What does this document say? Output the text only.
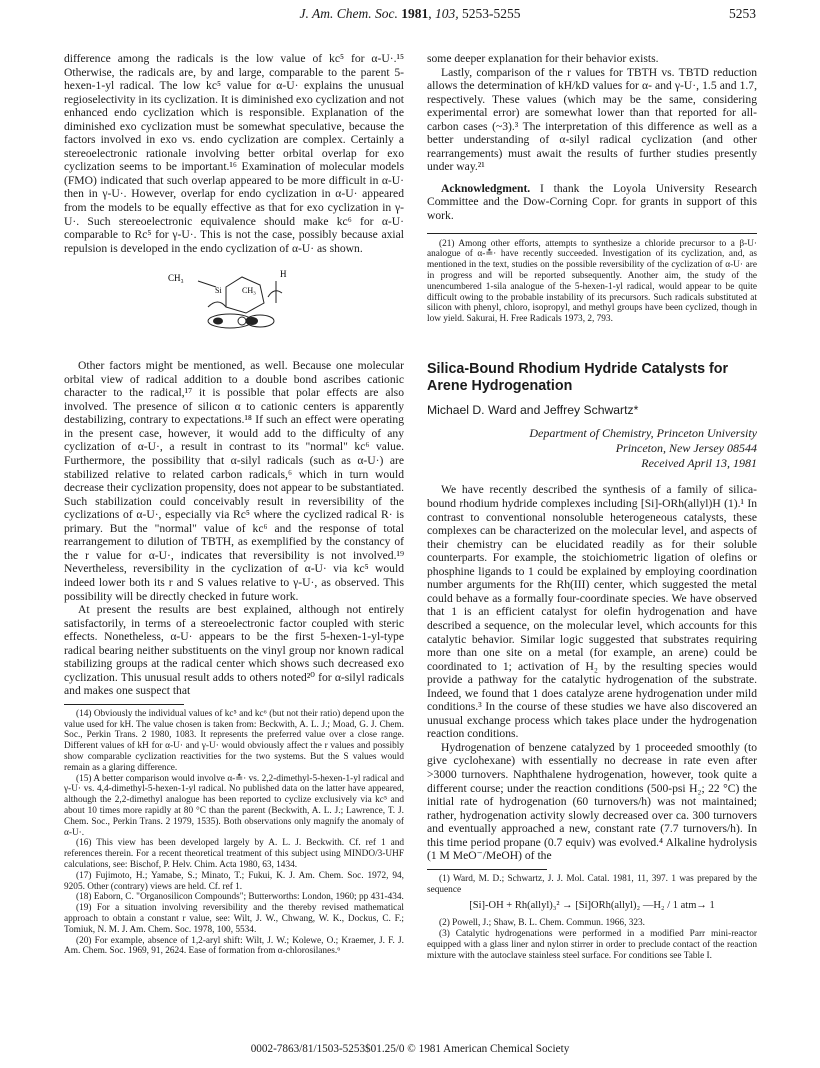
J. Am. Chem. Soc. 1981, 103, 5253-5255	5253

difference among the radicals is the low value of kc⁵ for α-U·.¹⁵ Otherwise, the radicals are, by and large, comparable to the parent 5-hexen-1-yl radical. The low kc⁵ value for α-U· explains the unusual regioselectivity in its cyclization. It is diminished exo cyclization and not enhanced endo cyclization which is responsible. Explanation of the diminished exo cyclization must be somewhat speculative, because the factors involved in exo vs. endo cyclization are complex. Certainly a stereoelectronic rationale involving better orbital overlap for exo cyclization seems to be important.¹⁶ Examination of molecular models (FMO) indicated that such overlap appeared to be more difficult in α-U· then in γ-U·. However, overlap for endo cyclization in α-U· appeared from the models to be equally effective as that for exo cyclization in γ-U·. Such stereoelectronic equivalence should make kc⁶ for α-U· comparable to Rc⁵ for γ-U·. This is not the case, possibly because axial repulsion is developed in the endo cyclization of α-U· as shown.

CH₃
Si	CH₃
H

Other factors might be mentioned, as well. Because one molecular orbital view of radical addition to a double bond ascribes cationic character to the radical,¹⁷ it is possible that polar effects are also involved. The presence of silicon α to cationic centers is apparently destabilizing, contrary to expectations.¹⁸ If such an effect were operating in the present case, however, it would add to the difficulty of any cyclization of α-U·, a result in contrast to its "normal" kc⁶ value. Furthermore, the possibility that α-silyl radicals (such as α-U·) are stabilized relative to related carbon radicals,⁶ which in turn would decrease their cyclization propensity, does not appear to be substantiated. Such stabilization could conceivably result in reversibility of the cyclizations of α-U·, especially via Rc⁵ where the cyclized radical R· is primary. But the "normal" value of kc⁶ and the response of total rearrangement to dilution of TBTH, as exemplified by the constancy of the r value for α-U·, indicates that reversibility is not involved.¹⁹ Nevertheless, reversibility in the cyclization of α-U· via kc⁵ would indeed lower both its r and S values relative to γ-U·, as observed. This possibility will be directly checked in future work.

At present the results are best explained, although not entirely satisfactorily, in terms of a stereoelectronic factor coupled with steric effects. Nonetheless, α-U· appears to be the first 5-hexen-1-yl-type radical bearing neither substituents on the vinyl group nor known radical stabilizing groups at the radical center which shows such decreased exo cyclization. This unusual result adds to others noted²⁰ for α-silyl radicals and makes one suspect that

(14) Obviously the individual values of kc⁵ and kc⁶ (but not their ratio) depend upon the value used for kH. The value chosen is taken from: Beckwith, A. L. J.; Moad, G. J. Chem. Soc., Perkin Trans. 2 1980, 1083. It represents the preferred value over a close range. Different values of kH for α-U· and γ-U· would obviously affect the r values and possibly show comparable cyclization reactivities for the two systems. But the S values would remain as a glaring difference.

(15) A better comparison would involve α-≛· vs. 2,2-dimethyl-5-hexen-1-yl radical and γ-U· vs. 4,4-dimethyl-5-hexen-1-yl radical. No published data on the latter have appeared, although the 2,2-dimethyl analogue has been reported to cyclize exclusively via kc⁵ and about 10 times more rapidly at 80 °C than the parent (Beckwith, A. L. J.; Lawrence, T. J. Chem. Soc., Perkin Trans. 2 1979, 1535). Both observations only magnify the anomaly of α-U·.

(16) This view has been developed largely by A. L. J. Beckwith. Cf. ref 1 and references therein. For a recent theoretical treatment of this subject using MINDO/3-UHF calculations, see: Bischof, P. Helv. Chim. Acta 1980, 63, 1434.

(17) Fujimoto, H.; Yamabe, S.; Minato, T.; Fukui, K. J. Am. Chem. Soc. 1972, 94, 9205. Other (contrary) views are held. Cf. ref 1.

(18) Eaborn, C. "Organosilicon Compounds"; Butterworths: London, 1960; pp 431-434.

(19) For a situation involving reversibility and the thereby revised mathematical approach to obtain a constant r value, see: Wilt, J. W., Chwang, W. K., Dockus, C. F.; Tomiuk, N. M. J. Am. Chem. Soc. 1978, 100, 5534.

(20) For example, absence of 1,2-aryl shift: Wilt, J. W.; Kolewe, O.; Kraemer, J. F. J. Am. Chem. Soc. 1969, 91, 2624. Ease of formation from α-chlorosilanes.⁶

some deeper explanation for their behavior exists.

Lastly, comparison of the r values for TBTH vs. TBTD reduction allows the determination of kH/kD values for α- and γ-U·, 1.5 and 1.7, respectively. These values (which may be the same, considering experimental error) are somewhat lower than that reported for all-carbon cases (~3).³ The interpretation of this difference as well as a better understanding of α-silyl radical cyclization (and other rearrangements) must await the results of further studies presently under way.²¹

Acknowledgment. I thank the Loyola University Research Committee and the Dow-Corning Copr. for grants in support of this work.

(21) Among other efforts, attempts to synthesize a chloride precursor to a β-U· analogue of α-≛· have recently succeeded. Investigation of its cyclization, and, as mentioned in the text, studies on the possible reversibility of the cyclization of α-U· are in progress and will be reported subsequently. Another aim, the study of the unencumbered 1-sila analogue of the 5-hexen-1-yl radical, would appear to be quite difficult owing to the probable instability of its precursors. Such radicals substituted at silicon with phenyl, chloro, isopropyl, and methyl groups have been cyclized, though in low yield. Sakurai, H. Free Radicals 1973, 2, 793.

Silica-Bound Rhodium Hydride Catalysts for Arene Hydrogenation
Michael D. Ward and Jeffrey Schwartz*
Department of Chemistry, Princeton University
Princeton, New Jersey 08544
Received April 13, 1981

We have recently described the synthesis of a family of silica-bound rhodium hydride complexes including [Si]-ORh(allyl)H (1).¹ In contrast to conventional nonsoluble heterogeneous catalysts, these complexes can be characterized on the molecular level, and aspects of their chemistry can be elucidated readily as for their soluble counterparts. For example, the stoichiometric ligation of olefins or phosphine ligands to 1 could be explained by employing coordination number arguments for the Rh(III) center, which suggested the metal could behave as a formally four-coordinate species. We have observed that 1 is an efficient catalyst for olefin hydrogenation and have described a sequence, on the molecular level, which accounts for this catalytic behavior. Similar logic suggested that substrates requiring more than one site on a metal (for example, an arene) could be coordinated to 1; activation of H₂ by the resulting species would provide a pathway for the catalytic hydrogenation of the substrate. Indeed, we found that 1 does catalyze arene hydrogenation under mild conditions.³ In the course of these studies we have also discovered an unusual exchange process which takes place under the hydrogenation reaction conditions.

Hydrogenation of benzene catalyzed by 1 proceeded smoothly (to give cyclohexane) with essentially no decrease in rate even after >3000 turnovers. Naphthalene hydrogenation, however, took quite a different course; under the reaction conditions (500-psi H₂; 22 °C) the initial rate of hydrogenation (60 turnovers/h) was not maintained; rather, hydrogenation activity slowly decreased over ca. 300 turnovers and eventually approached a new, constant rate (7.7 turnovers/h). In this time period propane (0.7 equiv) was evolved.⁴ Alkaline hydrolysis (1 M MeO⁻/MeOH) of the

(1) Ward, M. D.; Schwartz, J. J. Mol. Catal. 1981, 11, 397. 1 was prepared by the sequence

[Si]-OH + Rh(allyl)₃² → [Si]ORh(allyl)₂ —H₂ / 1 atm→ 1

(2) Powell, J.; Shaw, B. L. Chem. Commun. 1966, 323.

(3) Catalytic hydrogenations were performed in a modified Parr mini-reactor equipped with a glass liner and nylon stirrer in order to preclude contact of the reaction mixture with the autoclave stainless steel surface. For conditions see Table I.

0002-7863/81/1503-5253$01.25/0 © 1981 American Chemical Society
